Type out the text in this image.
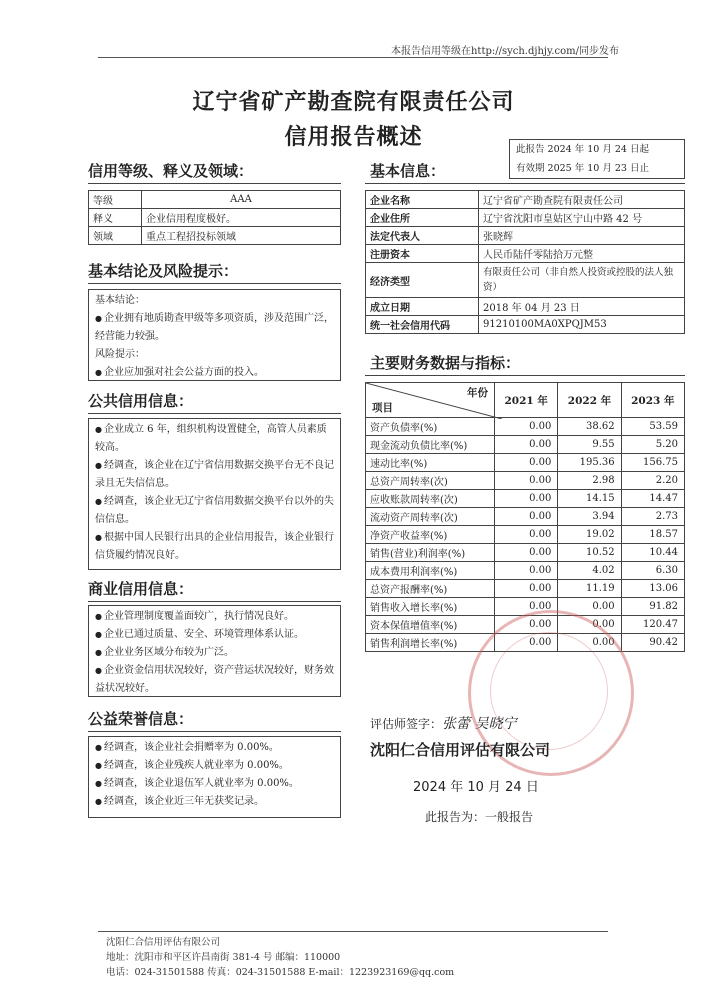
本报告信用等级在http://sych.djhjy.com/同步发布
辽宁省矿产勘查院有限责任公司
信用报告概述	此报告 2024 年 10 月 24 日起
有效期 2025 年 10 月 23 日止
信用等级、释义及领域：
等级	AAA
释义	企业信用程度极好。
领域	重点工程招投标领域
基本信息：
企业名称	辽宁省矿产勘查院有限责任公司
企业住所	辽宁省沈阳市皇姑区宁山中路 42 号
法定代表人	张晓辉
注册资本	人民币陆仟零陆拾万元整
经济类型	有限责任公司（非自然人投资或控股的法人独资）
成立日期	2018 年 04 月 23 日
统一社会信用代码	91210100MA0XPQJM53
基本结论及风险提示：

基本结论：

● 企业拥有地质勘查甲级等多项资质，涉及范围广泛，经营能力较强。

风险提示：

● 企业应加强对社会公益方面的投入。

公共信用信息：

● 企业成立 6 年，组织机构设置健全，高管人员素质较高。

● 经调查，该企业在辽宁省信用数据交换平台无不良记录且无失信信息。

● 经调查，该企业无辽宁省信用数据交换平台以外的失信信息。

● 根据中国人民银行出具的企业信用报告，该企业银行信贷履约情况良好。

商业信用信息：

● 企业管理制度覆盖面较广，执行情况良好。

● 企业已通过质量、安全、环境管理体系认证。

● 企业业务区域分布较为广泛。

● 企业资金信用状况较好，资产营运状况较好，财务效益状况较好。

公益荣誉信息：

● 经调查，该企业社会捐赠率为 0.00%。

● 经调查，该企业残疾人就业率为 0.00%。

● 经调查，该企业退伍军人就业率为 0.00%。

● 经调查，该企业近三年无获奖记录。

主要财务数据与指标：
年份
项目	2021 年	2022 年	2023 年
资产负债率(%)	0.00	38.62	53.59
现金流动负债比率(%)	0.00	9.55	5.20
速动比率(%)	0.00	195.36	156.75
总资产周转率(次)	0.00	2.98	2.20
应收账款周转率(次)	0.00	14.15	14.47
流动资产周转率(次)	0.00	3.94	2.73
净资产收益率(%)	0.00	19.02	18.57
销售(营业)利润率(%)	0.00	10.52	10.44
成本费用利润率(%)	0.00	4.02	6.30
总资产报酬率(%)	0.00	11.19	13.06
销售收入增长率(%)	0.00	0.00	91.82
资本保值增值率(%)	0.00	0.00	120.47
销售利润增长率(%)	0.00	0.00	90.42
评估师签字：张蕾 吴晓宁
沈阳仁合信用评估有限公司
2024 年 10 月 24 日
此报告为：一般报告
沈阳仁合信用评估有限公司
地址：沈阳市和平区许昌南街 381-4 号 邮编：110000
电话：024-31501588 传真：024-31501588 E-mail：1223923169@qq.com
